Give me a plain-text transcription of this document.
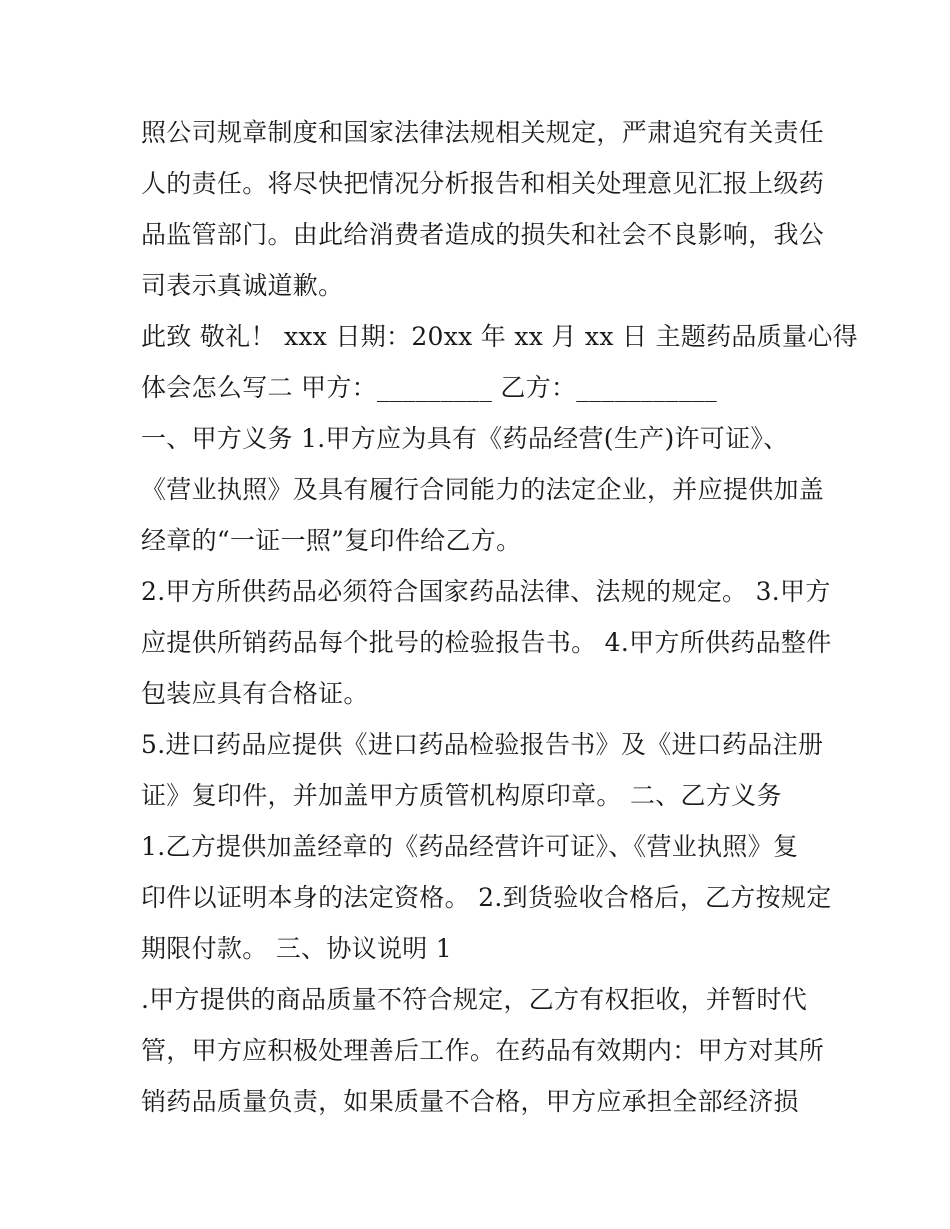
照公司规章制度和国家法律法规相关规定，严肃追究有关责任
人的责任。将尽快把情况分析报告和相关处理意见汇报上级药
品监管部门。由此给消费者造成的损失和社会不良影响，我公
司表示真诚道歉。
此致 敬礼！ xxx 日期：20xx 年 xx 月 xx 日 主题药品质量心得
体会怎么写二 甲方：_________ 乙方：___________
一、甲方义务 1.甲方应为具有《药品经营(生产)许可证》、
《营业执照》及具有履行合同能力的法定企业，并应提供加盖
经章的“一证一照”复印件给乙方。
2.甲方所供药品必须符合国家药品法律、法规的规定。 3.甲方
应提供所销药品每个批号的检验报告书。 4.甲方所供药品整件
包装应具有合格证。
5.进口药品应提供《进口药品检验报告书》及《进口药品注册
证》复印件，并加盖甲方质管机构原印章。 二、乙方义务
1.乙方提供加盖经章的《药品经营许可证》、《营业执照》复
印件以证明本身的法定资格。 2.到货验收合格后，乙方按规定
期限付款。 三、协议说明 1
.甲方提供的商品质量不符合规定，乙方有权拒收，并暂时代
管，甲方应积极处理善后工作。在药品有效期内：甲方对其所
销药品质量负责，如果质量不合格，甲方应承担全部经济损
